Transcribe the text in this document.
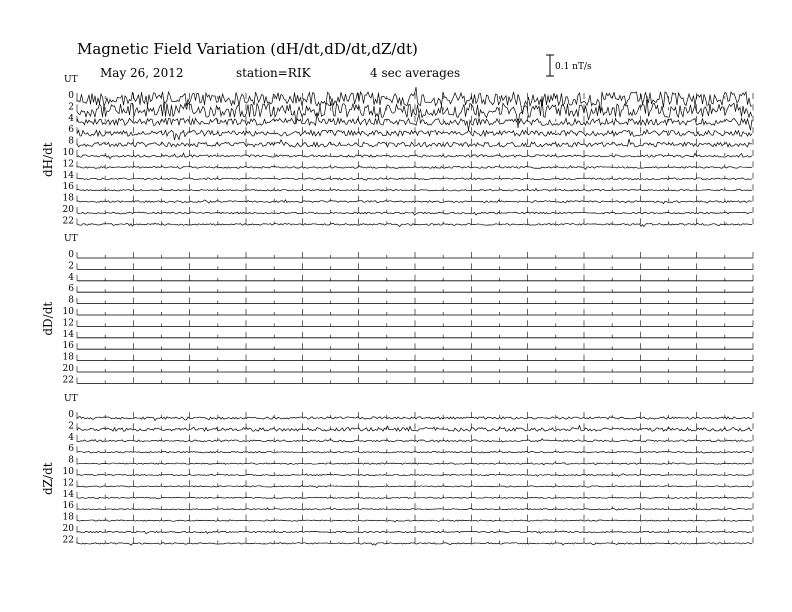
Magnetic Field Variation (dH/dt,dD/dt,dZ/dt)
May 26, 2012	station=RIK	4 sec averages	0.1 nT/s
UT
dH/dt
0
2
4
6
8
10
12
14
16
18
20
22
UT
dD/dt
0
2
4
6
8
10
12
14
16
18
20
22
UT
dZ/dt
0
2
4
6
8
10
12
14
16
18
20
22
